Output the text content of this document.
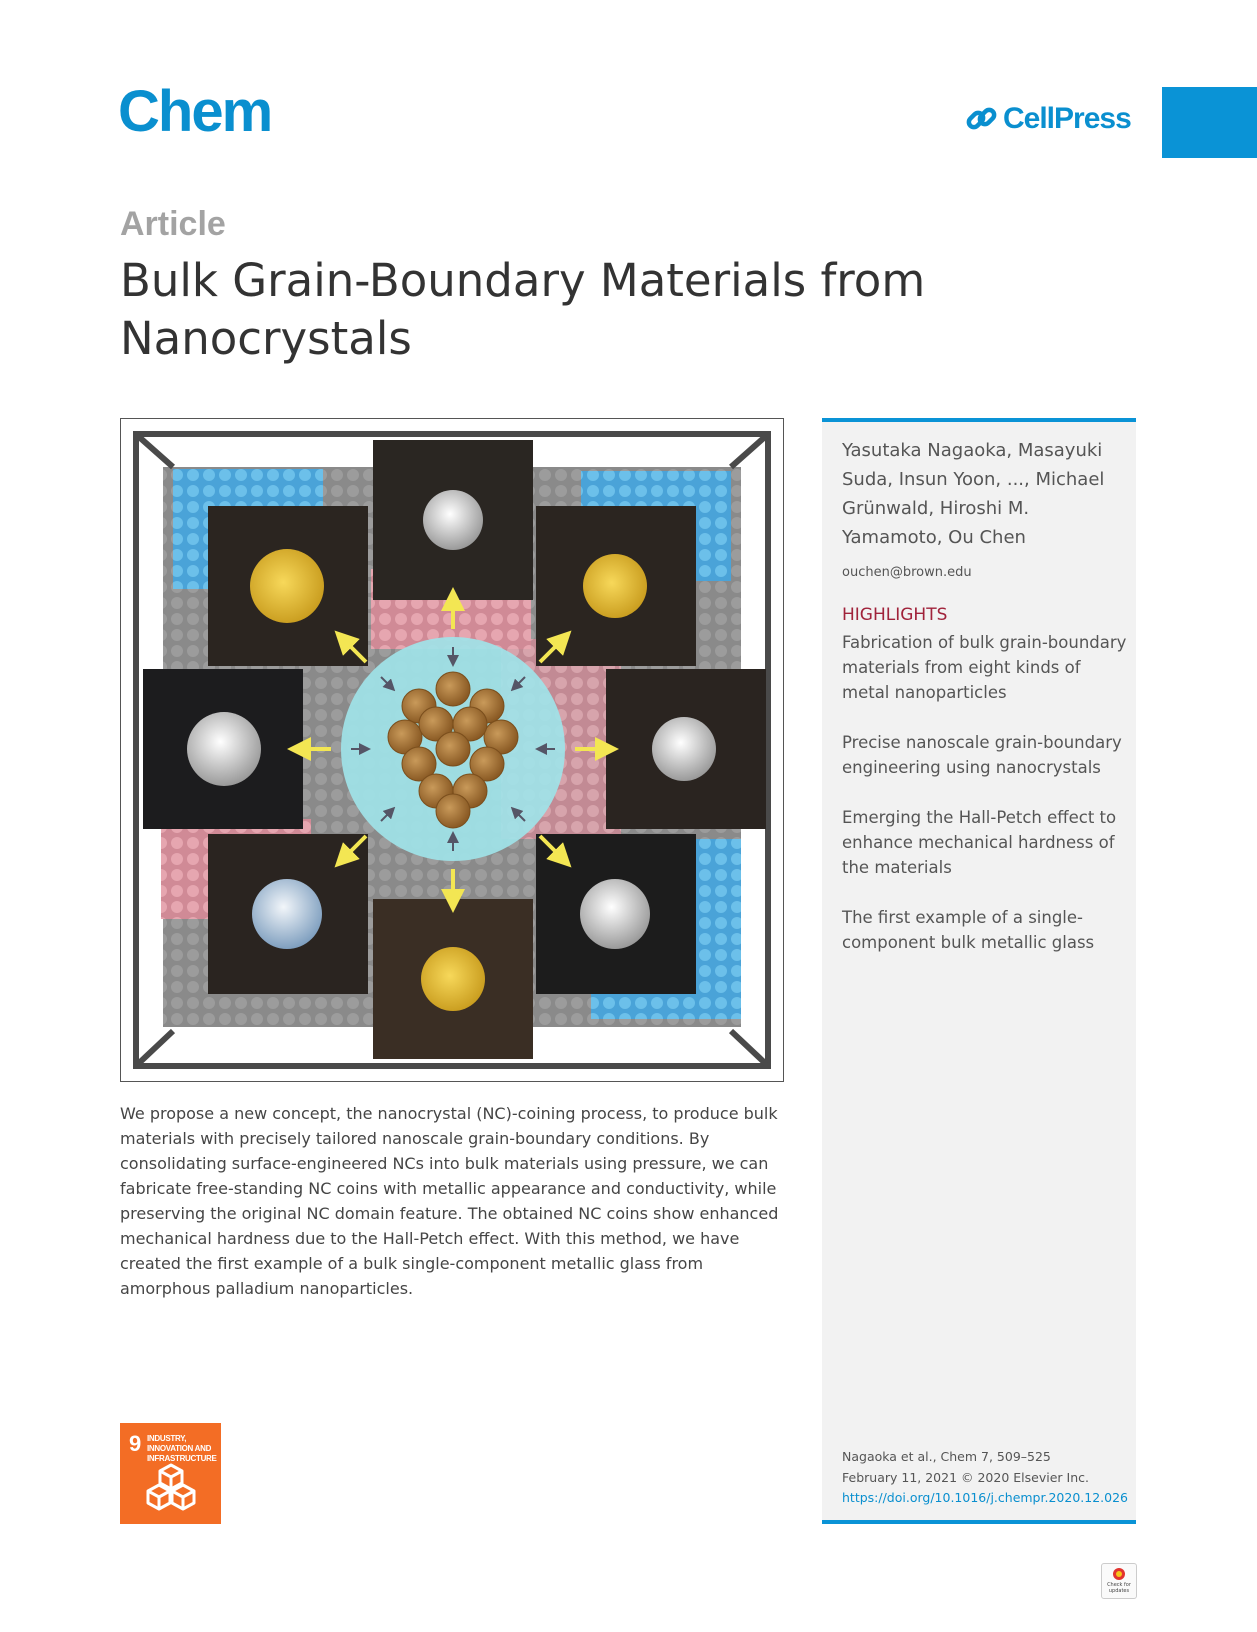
Chem	CellPress
Article
Bulk Grain-Boundary Materials from Nanocrystals

We propose a new concept, the nanocrystal (NC)-coining process, to produce bulk materials with precisely tailored nanoscale grain-boundary conditions. By consolidating surface-engineered NCs into bulk materials using pressure, we can fabricate free-standing NC coins with metallic appearance and conductivity, while preserving the original NC domain feature. The obtained NC coins show enhanced mechanical hardness due to the Hall-Petch effect. With this method, we have created the first example of a bulk single-component metallic glass from amorphous palladium nanoparticles.

Yasutaka Nagaoka, Masayuki Suda, Insun Yoon, ..., Michael Grünwald, Hiroshi M. Yamamoto, Ou Chen
ouchen@brown.edu
HIGHLIGHTS
Fabrication of bulk grain-boundary materials from eight kinds of metal nanoparticles
Precise nanoscale grain-boundary engineering using nanocrystals
Emerging the Hall-Petch effect to enhance mechanical hardness of the materials
The first example of a single-component bulk metallic glass
Nagaoka et al., Chem 7, 509–525
February 11, 2021 © 2020 Elsevier Inc.
https://doi.org/10.1016/j.chempr.2020.12.026
9 INDUSTRY, INNOVATION AND INFRASTRUCTURE
Check for updates
